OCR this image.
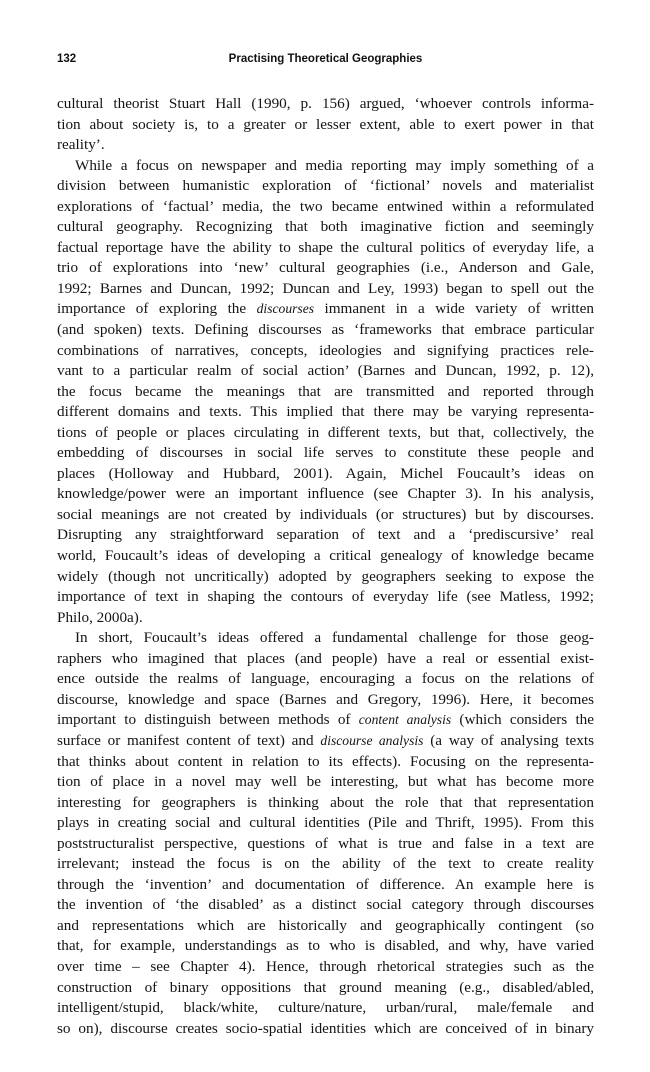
132	Practising Theoretical Geographies
cultural theorist Stuart Hall (1990, p. 156) argued, ‘whoever controls informa-
tion about society is, to a greater or lesser extent, able to exert power in that
reality’.
While a focus on newspaper and media reporting may imply something of a
division between humanistic exploration of ‘fictional’ novels and materialist
explorations of ‘factual’ media, the two became entwined within a reformulated
cultural geography. Recognizing that both imaginative fiction and seemingly
factual reportage have the ability to shape the cultural politics of everyday life, a
trio of explorations into ‘new’ cultural geographies (i.e., Anderson and Gale,
1992; Barnes and Duncan, 1992; Duncan and Ley, 1993) began to spell out the
importance of exploring the discourses immanent in a wide variety of written
(and spoken) texts. Defining discourses as ‘frameworks that embrace particular
combinations of narratives, concepts, ideologies and signifying practices rele-
vant to a particular realm of social action’ (Barnes and Duncan, 1992, p. 12),
the focus became the meanings that are transmitted and reported through
different domains and texts. This implied that there may be varying representa-
tions of people or places circulating in different texts, but that, collectively, the
embedding of discourses in social life serves to constitute these people and
places (Holloway and Hubbard, 2001). Again, Michel Foucault’s ideas on
knowledge/power were an important influence (see Chapter 3). In his analysis,
social meanings are not created by individuals (or structures) but by discourses.
Disrupting any straightforward separation of text and a ‘prediscursive’ real
world, Foucault’s ideas of developing a critical genealogy of knowledge became
widely (though not uncritically) adopted by geographers seeking to expose the
importance of text in shaping the contours of everyday life (see Matless, 1992;
Philo, 2000a).
In short, Foucault’s ideas offered a fundamental challenge for those geog-
raphers who imagined that places (and people) have a real or essential exist-
ence outside the realms of language, encouraging a focus on the relations of
discourse, knowledge and space (Barnes and Gregory, 1996). Here, it becomes
important to distinguish between methods of content analysis (which considers the
surface or manifest content of text) and discourse analysis (a way of analysing texts
that thinks about content in relation to its effects). Focusing on the representa-
tion of place in a novel may well be interesting, but what has become more
interesting for geographers is thinking about the role that that representation
plays in creating social and cultural identities (Pile and Thrift, 1995). From this
poststructuralist perspective, questions of what is true and false in a text are
irrelevant; instead the focus is on the ability of the text to create reality
through the ‘invention’ and documentation of difference. An example here is
the invention of ‘the disabled’ as a distinct social category through discourses
and representations which are historically and geographically contingent (so
that, for example, understandings as to who is disabled, and why, have varied
over time – see Chapter 4). Hence, through rhetorical strategies such as the
construction of binary oppositions that ground meaning (e.g., disabled/abled,
intelligent/stupid, black/white, culture/nature, urban/rural, male/female and
so on), discourse creates socio-spatial identities which are conceived of in binary
